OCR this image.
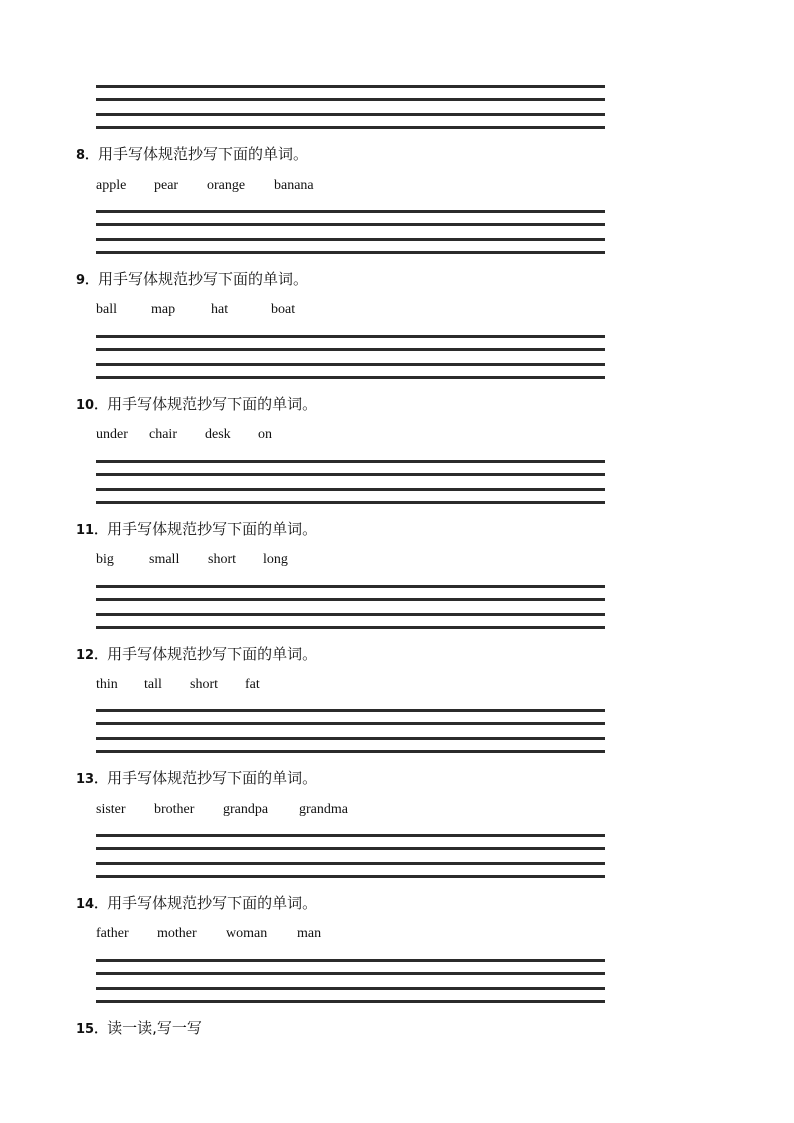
8．用手写体规范抄写下面的单词。
apple pear orange banana
9．用手写体规范抄写下面的单词。
ball map	hat	boat
10．用手写体规范抄写下面的单词。
under chair desk on
11．用手写体规范抄写下面的单词。
big	small short long
12．用手写体规范抄写下面的单词。
thin tall short fat
13．用手写体规范抄写下面的单词。
sister brother grandpa grandma
14．用手写体规范抄写下面的单词。
father mother woman man
15．读一读,写一写
